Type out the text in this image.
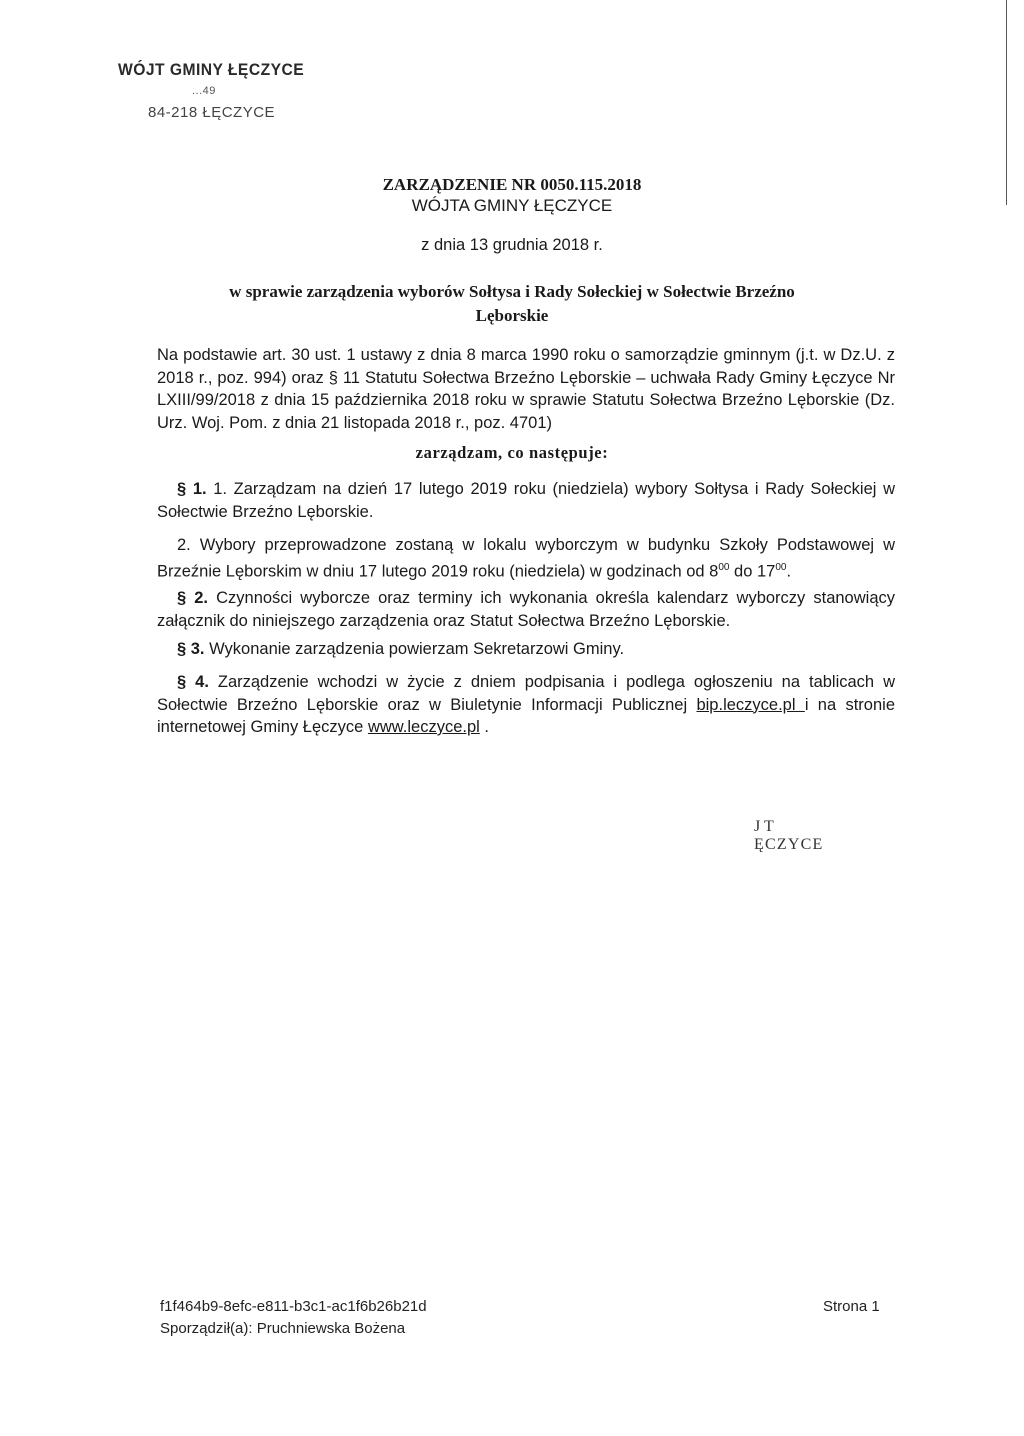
WÓJT GMINY ŁĘCZYCE
...49
84-218 ŁĘCZYCE
ZARZĄDZENIE NR 0050.115.2018
WÓJTA GMINY ŁĘCZYCE
z dnia 13 grudnia 2018 r.
w sprawie zarządzenia wyborów Sołtysa i Rady Sołeckiej w Sołectwie Brzeźno Lęborskie
Na podstawie art. 30 ust. 1 ustawy z dnia 8 marca 1990 roku o samorządzie gminnym (j.t. w Dz.U. z 2018 r., poz. 994) oraz § 11 Statutu Sołectwa Brzeźno Lęborskie – uchwała Rady Gminy Łęczyce Nr LXIII/99/2018 z dnia 15 października 2018 roku w sprawie Statutu Sołectwa Brzeźno Lęborskie (Dz. Urz. Woj. Pom. z dnia 21 listopada 2018 r., poz. 4701)
zarządzam, co następuje:
§ 1. 1. Zarządzam na dzień 17 lutego 2019 roku (niedziela) wybory Sołtysa i Rady Sołeckiej w Sołectwie Brzeźno Lęborskie.
2. Wybory przeprowadzone zostaną w lokalu wyborczym w budynku Szkoły Podstawowej w Brzeźnie Lęborskim w dniu 17 lutego 2019 roku (niedziela) w godzinach od $8^{00}$ do $17^{00}$.
§ 2. Czynności wyborcze oraz terminy ich wykonania określa kalendarz wyborczy stanowiący załącznik do niniejszego zarządzenia oraz Statut Sołectwa Brzeźno Lęborskie.
§ 3. Wykonanie zarządzenia powierzam Sekretarzowi Gminy.
§ 4. Zarządzenie wchodzi w życie z dniem podpisania i podlega ogłoszeniu na tablicach w Sołectwie Brzeźno Lęborskie oraz w Biuletynie Informacji Publicznej bip.leczyce.pl i na stronie internetowej Gminy Łęczyce www.leczyce.pl .
J T
ĘCZYCE
f1f464b9-8efc-e811-b3c1-ac1f6b26b21d
Sporządził(a): Pruchniewska Bożena
Strona 1
